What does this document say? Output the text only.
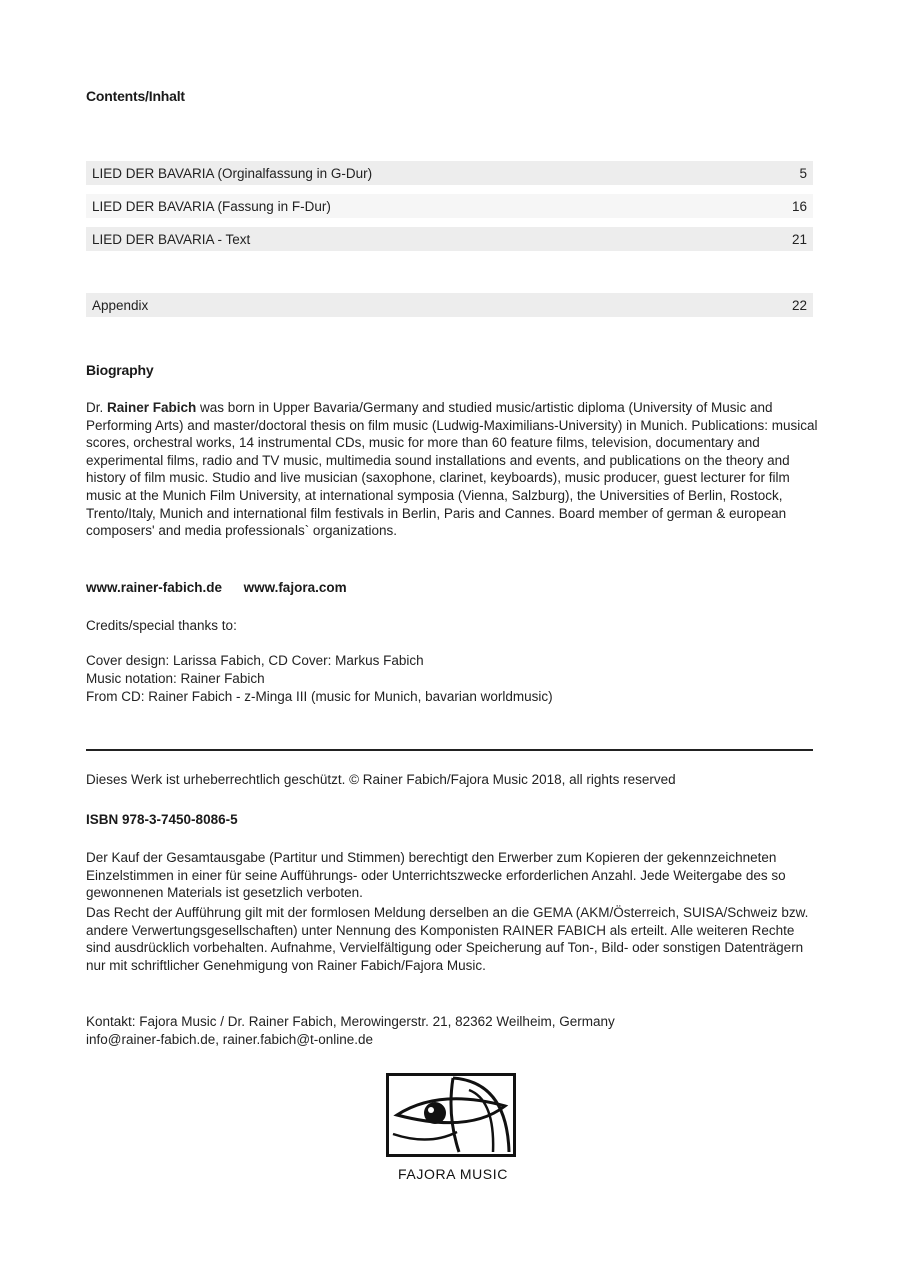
Contents/Inhalt
LIED DER BAVARIA (Orginalfassung in G-Dur)	5
LIED DER BAVARIA (Fassung in F-Dur)	16
LIED DER BAVARIA - Text	21
Appendix	22
Biography
Dr. Rainer Fabich was born in Upper Bavaria/Germany and studied music/artistic diploma (University of Music and Performing Arts) and master/doctoral thesis on film music (Ludwig-Maximilians-University) in Munich. Publications: musical scores, orchestral works, 14 instrumental CDs, music for more than 60 feature films, television, documentary and experimental films, radio and TV music, multimedia sound installations and events, and publications on the theory and history of film music. Studio and live musician (saxophone, clarinet, keyboards), music producer, guest lecturer for film music at the Munich Film University, at international symposia (Vienna, Salzburg), the Universities of Berlin, Rostock, Trento/Italy, Munich and international film festivals in Berlin, Paris and Cannes. Board member of german & european composers' and media professionals` organizations.
www.rainer-fabich.de www.fajora.com
Credits/special thanks to:
Cover design: Larissa Fabich, CD Cover: Markus Fabich
Music notation: Rainer Fabich
From CD: Rainer Fabich - z-Minga III (music for Munich, bavarian worldmusic)
Dieses Werk ist urheberrechtlich geschützt. © Rainer Fabich/Fajora Music 2018, all rights reserved
ISBN 978-3-7450-8086-5
Der Kauf der Gesamtausgabe (Partitur und Stimmen) berechtigt den Erwerber zum Kopieren der gekennzeichneten Einzelstimmen in einer für seine Aufführungs- oder Unterrichtszwecke erforderlichen Anzahl. Jede Weitergabe des so gewonnenen Materials ist gesetzlich verboten.
Das Recht der Aufführung gilt mit der formlosen Meldung derselben an die GEMA (AKM/Österreich, SUISA/Schweiz bzw. andere Verwertungsgesellschaften) unter Nennung des Komponisten RAINER FABICH als erteilt. Alle weiteren Rechte sind ausdrücklich vorbehalten. Aufnahme, Vervielfältigung oder Speicherung auf Ton-, Bild- oder sonstigen Datenträgern nur mit schriftlicher Genehmigung von Rainer Fabich/Fajora Music.
Kontakt: Fajora Music / Dr. Rainer Fabich, Merowingerstr. 21, 82362 Weilheim, Germany
info@rainer-fabich.de, rainer.fabich@t-online.de
FAJORA MUSIC
